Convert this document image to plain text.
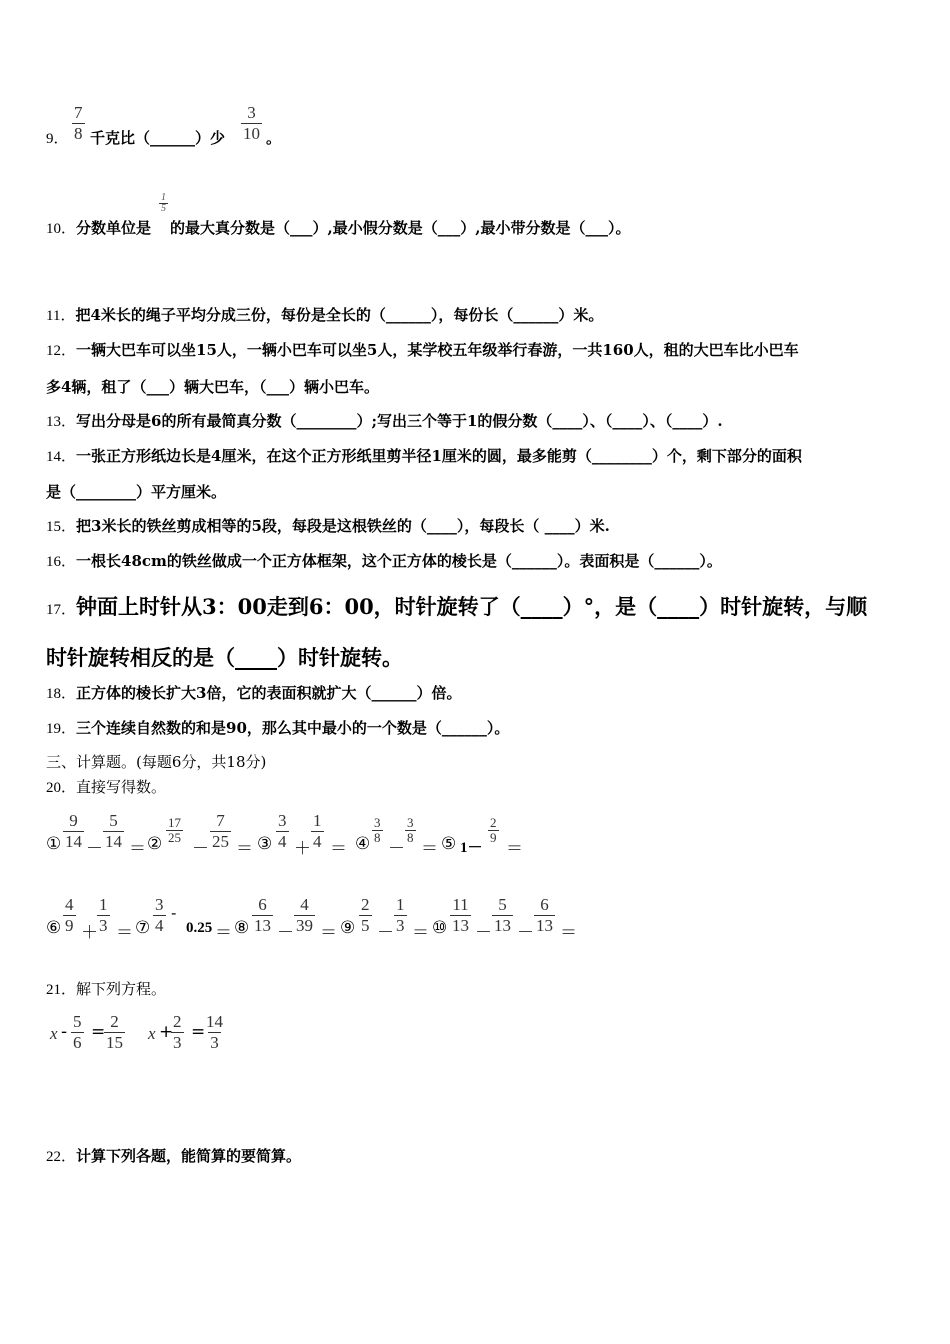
9． $\frac{7}{8}$ 千克比（______）少 $\frac{3}{10}$ 。
10．分数单位是
$\frac{1}{5}$
的最大真分数是（___）,最小假分数是（___）,最小带分数是（___）。
11．把4米长的绳子平均分成三份，每份是全长的（______），每份长（______）米。
12．一辆大巴车可以坐15人，一辆小巴车可以坐5人，某学校五年级举行春游，一共160人，租的大巴车比小巴车
多4辆，租了（___）辆大巴车，（___）辆小巴车。
13．写出分母是6的所有最简真分数（________）;写出三个等于1的假分数（____）、（____）、（____）.
14．一张正方形纸边长是4厘米，在这个正方形纸里剪半径1厘米的圆，最多能剪（________）个，剩下部分的面积
是（________）平方厘米。
15．把3米长的铁丝剪成相等的5段，每段是这根铁丝的（____），每段长（ ____）米.
16．一根长48cm的铁丝做成一个正方体框架，这个正方体的棱长是（______）。表面积是（______）。
17．钟面上时针从3：00走到6：00，时针旋转了（____）°，是（____）时针旋转，与顺
时针旋转相反的是（____）时针旋转。
18．正方体的棱长扩大3倍，它的表面积就扩大（______）倍。
19．三个连续自然数的和是90，那么其中最小的一个数是（______）。
三、计算题。(每题6分，共18分)
20．直接写得数。
① $\frac{9}{14} - \frac{5}{14}$ ＝ ② $\frac{17}{25}$
－ $\frac{7}{25}$ ＝ ③ $\frac{3}{4} + \frac{1}{4}$ ＝ ④ $\frac{3}{8}$
－
$\frac{3}{8}$
＝ ⑤ 1－
$\frac{2}{9}$
＝
⑥ $\frac{4}{9} + \frac{1}{3}$ ＝ ⑦ $\frac{3}{4}$ -
0.25 ＝ ⑧ $\frac{6}{13} - \frac{4}{39}$ ＝ ⑨ $\frac{2}{5} - \frac{1}{3}$ ＝ ⑩ $\frac{11}{13} - \frac{5}{13} - \frac{6}{13}$ ＝
21．解下列方程。
x - $\frac{5}{6}$ =
$\frac{2}{15}$ x +
$\frac{2}{3}$ =
$\frac{14}{3}$
22．计算下列各题，能简算的要简算。
